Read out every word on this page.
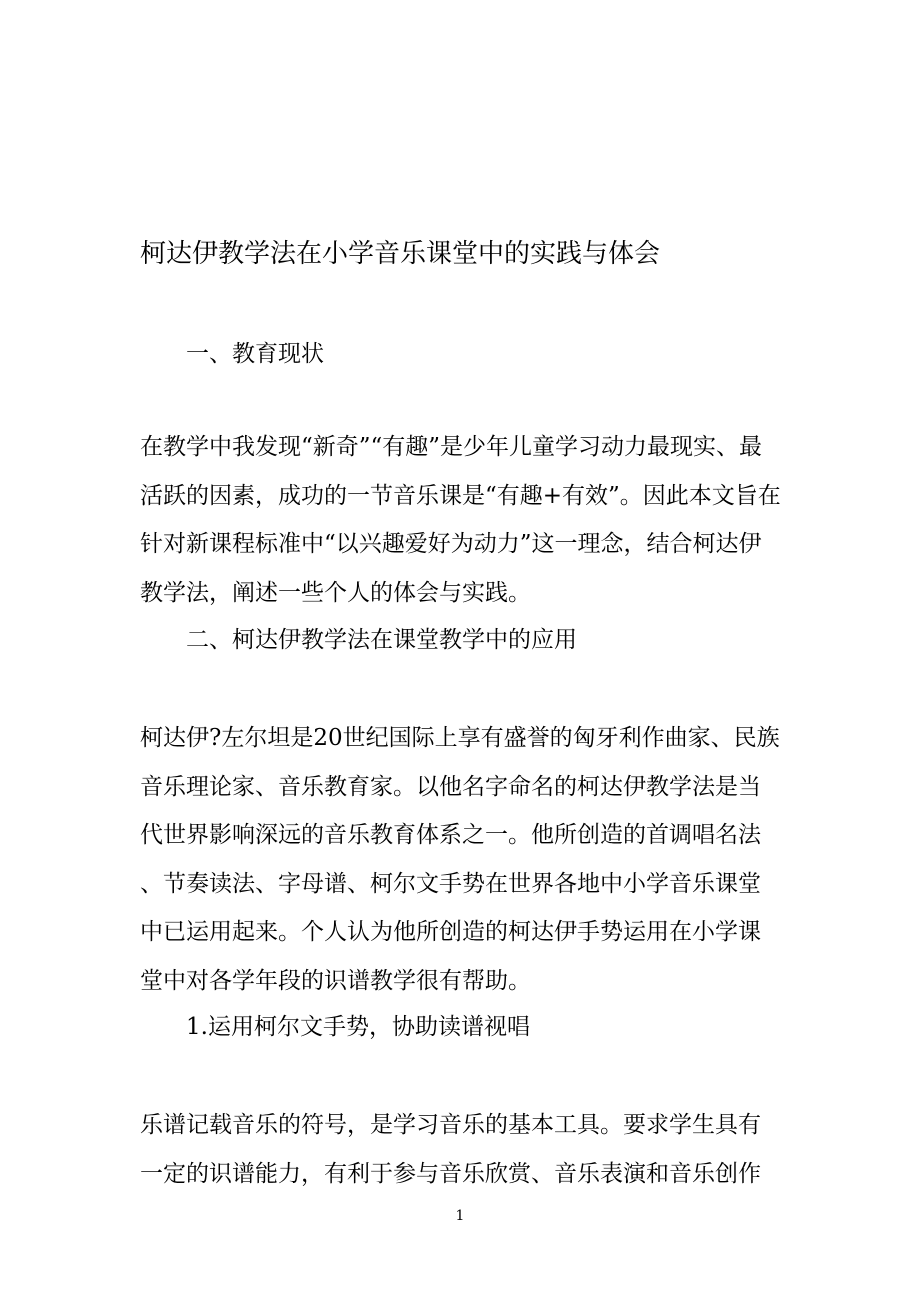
柯达伊教学法在小学音乐课堂中的实践与体会
一、教育现状
在教学中我发现“新奇”“有趣”是少年儿童学习动力最现实、最
活跃的因素，成功的一节音乐课是“有趣+有效”。因此本文旨在
针对新课程标准中“以兴趣爱好为动力”这一理念，结合柯达伊
教学法，阐述一些个人的体会与实践。
二、柯达伊教学法在课堂教学中的应用
柯达伊?左尔坦是20世纪国际上享有盛誉的匈牙利作曲家、民族
音乐理论家、音乐教育家。以他名字命名的柯达伊教学法是当
代世界影响深远的音乐教育体系之一。他所创造的首调唱名法
、节奏读法、字母谱、柯尔文手势在世界各地中小学音乐课堂
中已运用起来。个人认为他所创造的柯达伊手势运用在小学课
堂中对各学年段的识谱教学很有帮助。
1.运用柯尔文手势，协助读谱视唱
乐谱记载音乐的符号，是学习音乐的基本工具。要求学生具有
一定的识谱能力，有利于参与音乐欣赏、音乐表演和音乐创作
1
